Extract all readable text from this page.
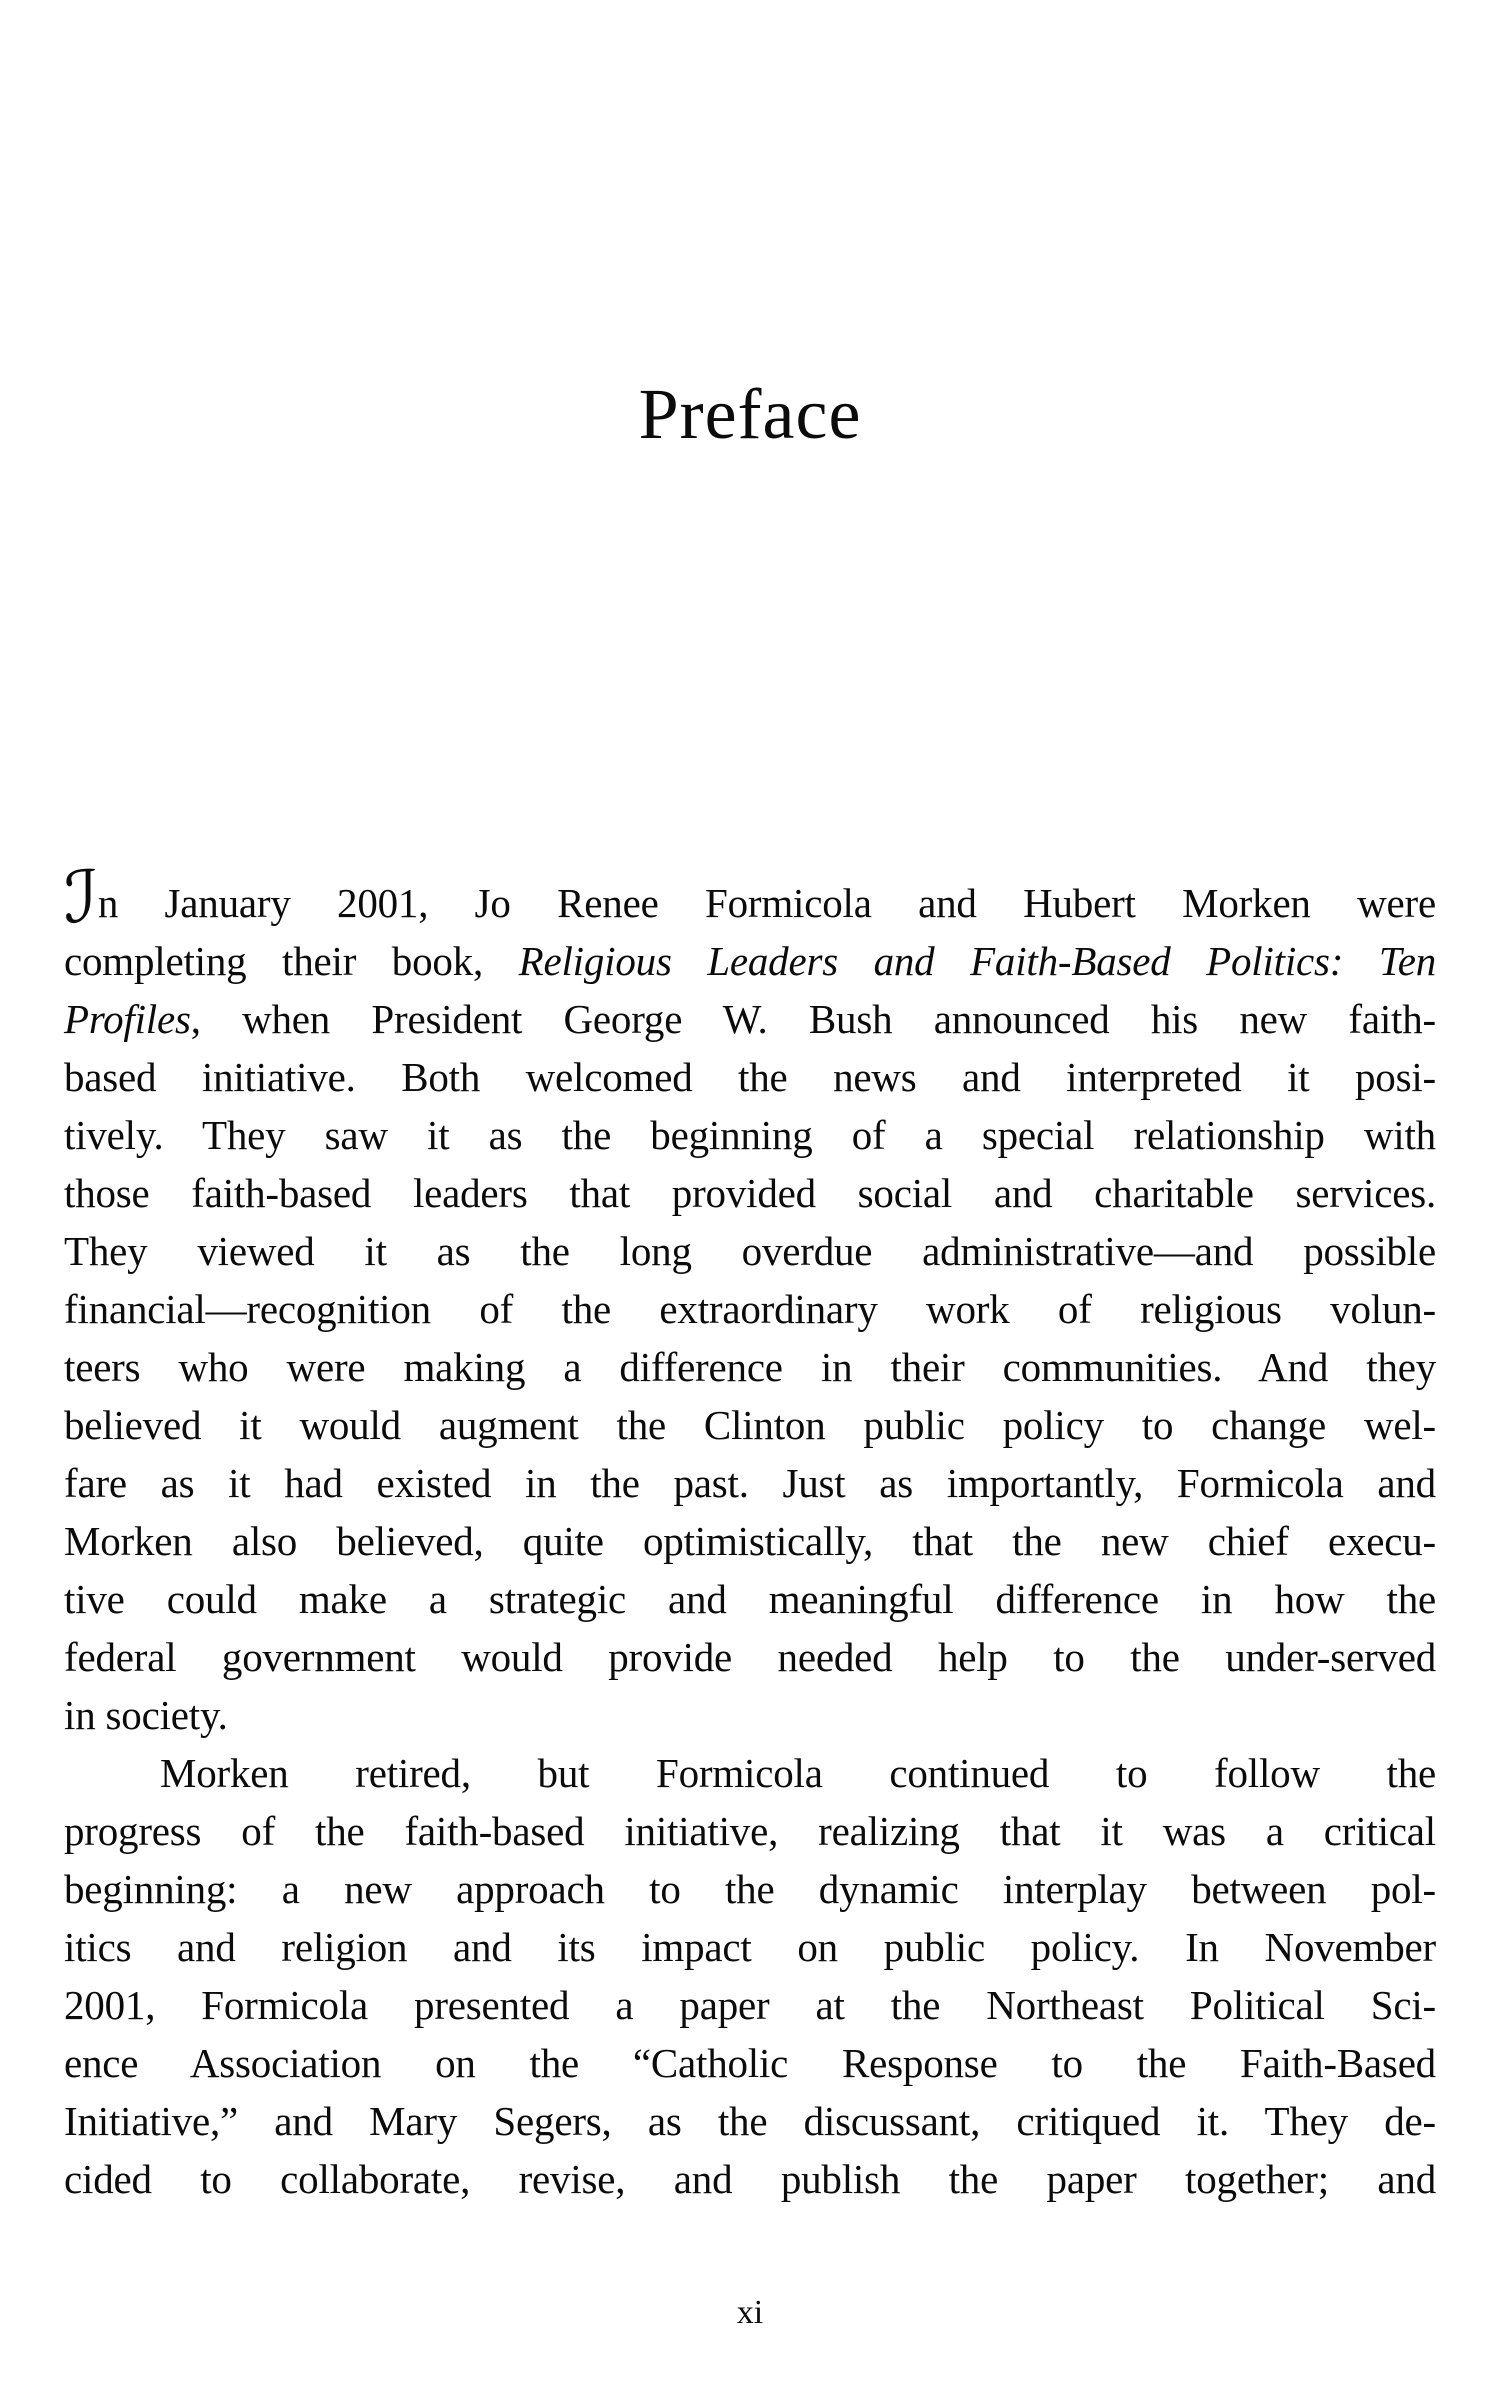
Preface
ℐn January 2001, Jo Renee Formicola and Hubert Morken were
completing their book, Religious Leaders and Faith-Based Politics: Ten
Profiles, when President George W. Bush announced his new faith-
based initiative. Both welcomed the news and interpreted it posi-
tively. They saw it as the beginning of a special relationship with
those faith-based leaders that provided social and charitable services.
They viewed it as the long overdue administrative—and possible
financial—recognition of the extraordinary work of religious volun-
teers who were making a difference in their communities. And they
believed it would augment the Clinton public policy to change wel-
fare as it had existed in the past. Just as importantly, Formicola and
Morken also believed, quite optimistically, that the new chief execu-
tive could make a strategic and meaningful difference in how the
federal government would provide needed help to the under-served
in society.
Morken retired, but Formicola continued to follow the
progress of the faith-based initiative, realizing that it was a critical
beginning: a new approach to the dynamic interplay between pol-
itics and religion and its impact on public policy. In November
2001, Formicola presented a paper at the Northeast Political Sci-
ence Association on the “Catholic Response to the Faith-Based
Initiative,” and Mary Segers, as the discussant, critiqued it. They de-
cided to collaborate, revise, and publish the paper together; and
xi
